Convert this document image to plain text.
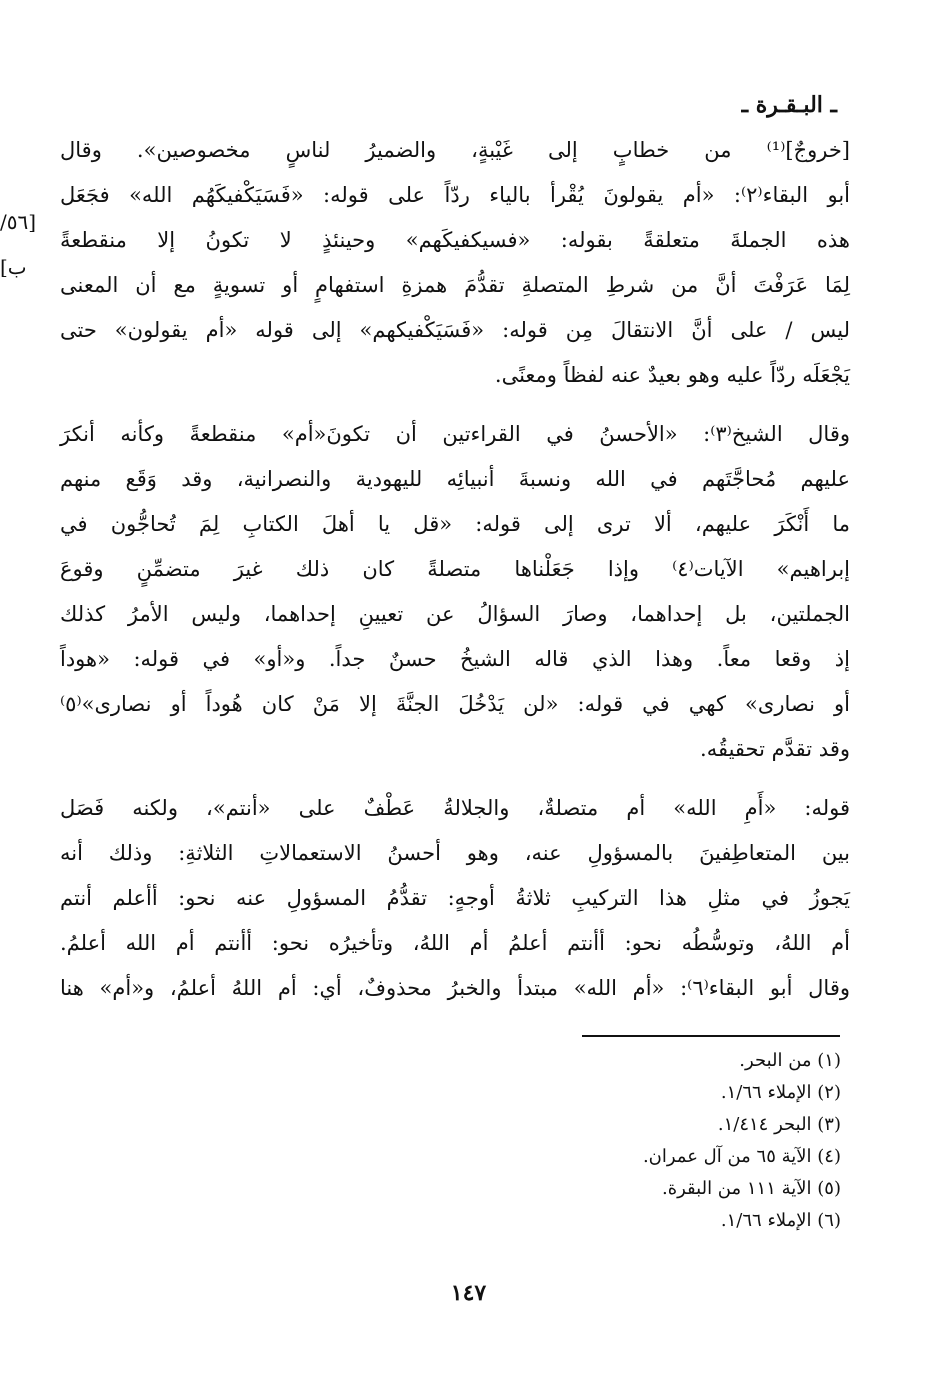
ـ البـقـرة ـ
[٥٦/ب]
[خروجٌ]⁽¹⁾ من خطابٍ إلى غَيْبةٍ، والضميرُ لناسٍ مخصوصين». وقال
أبو البقاء⁽٢⁾: «أم يقولونَ يُقْرأ بالياء ردّاً على قوله: «فَسَيَكْفيكَهُم الله» فجَعَل
هذه الجملةَ متعلقةً بقوله: «فسيكفيكَهم» وحينئذٍ لا تكونُ إلا منقطعةً
لِمَا عَرَفْتَ أنَّ من شرطِ المتصلةِ تقدُّمَ همزةِ استفهامٍ أو تسويةٍ مع أن المعنى
ليس / على أنَّ الانتقالَ مِن قوله: «فَسَيَكْفيكهم» إلى قوله «أم يقولون» حتى
يَجْعَلَه ردّاً عليه وهو بعيدٌ عنه لفظاً ومعنًى.
وقال الشيخ⁽٣⁾: «الأحسنُ في القراءتين أن تكونَ«أم» منقطعةً وكأنه أنكرَ
عليهم مُحاجَّتَهم في الله ونسبةَ أنبيائِه لليهودية والنصرانية، وقد وَقَع منهم
ما أَنْكَرَ عليهم، ألا ترى إلى قوله: «قل يا أهلَ الكتابِ لِمَ تُحاجُّون في
إبراهيم» الآيات⁽٤⁾ وإذا جَعَلْناها متصلةً كان ذلك غيرَ متضمِّنٍ وقوعَ
الجملتين، بل إحداهما، وصارَ السؤالُ عن تعيينِ إحداهما، وليس الأمرُ كذلك
إذ وقعا معاً. وهذا الذي قاله الشيخُ حسنٌ جداً. و«أو» في قوله: «هوداً
أو نصارى» كهي في قوله: «لن يَدْخُلَ الجنَّةَ إلا مَنْ كان هُوداً أو نصارى»⁽٥⁾
وقد تقدَّم تحقيقُه.
قوله: «أَمِ الله» أم متصلةٌ، والجلالةُ عَطْفٌ على «أنتم»، ولكنه فَصَل
بين المتعاطِفينَ بالمسؤولِ عنه، وهو أحسنُ الاستعمالاتِ الثلاثةِ: وذلك أنه
يَجوزُ في مثلِ هذا التركيبِ ثلاثةُ أوجهٍ: تقدُّمُ المسؤولِ عنه نحو: أأعلم أنتم
أم اللهُ، وتوسُّطُه نحو: أأنتم أعلمُ أم اللهُ، وتأخيرُه نحو: أأنتم أم الله أعلمُ.
وقال أبو البقاء⁽٦⁾: «أم الله» مبتدأ والخبرُ محذوفٌ، أي: أم اللهُ أعلمُ، و«أم» هنا
(١) من البحر.
(٢) الإملاء ١/٦٦.
(٣) البحر ١/٤١٤.
(٤) الآية ٦٥ من آل عمران.
(٥) الآية ١١١ من البقرة.
(٦) الإملاء ١/٦٦.
١٤٧
